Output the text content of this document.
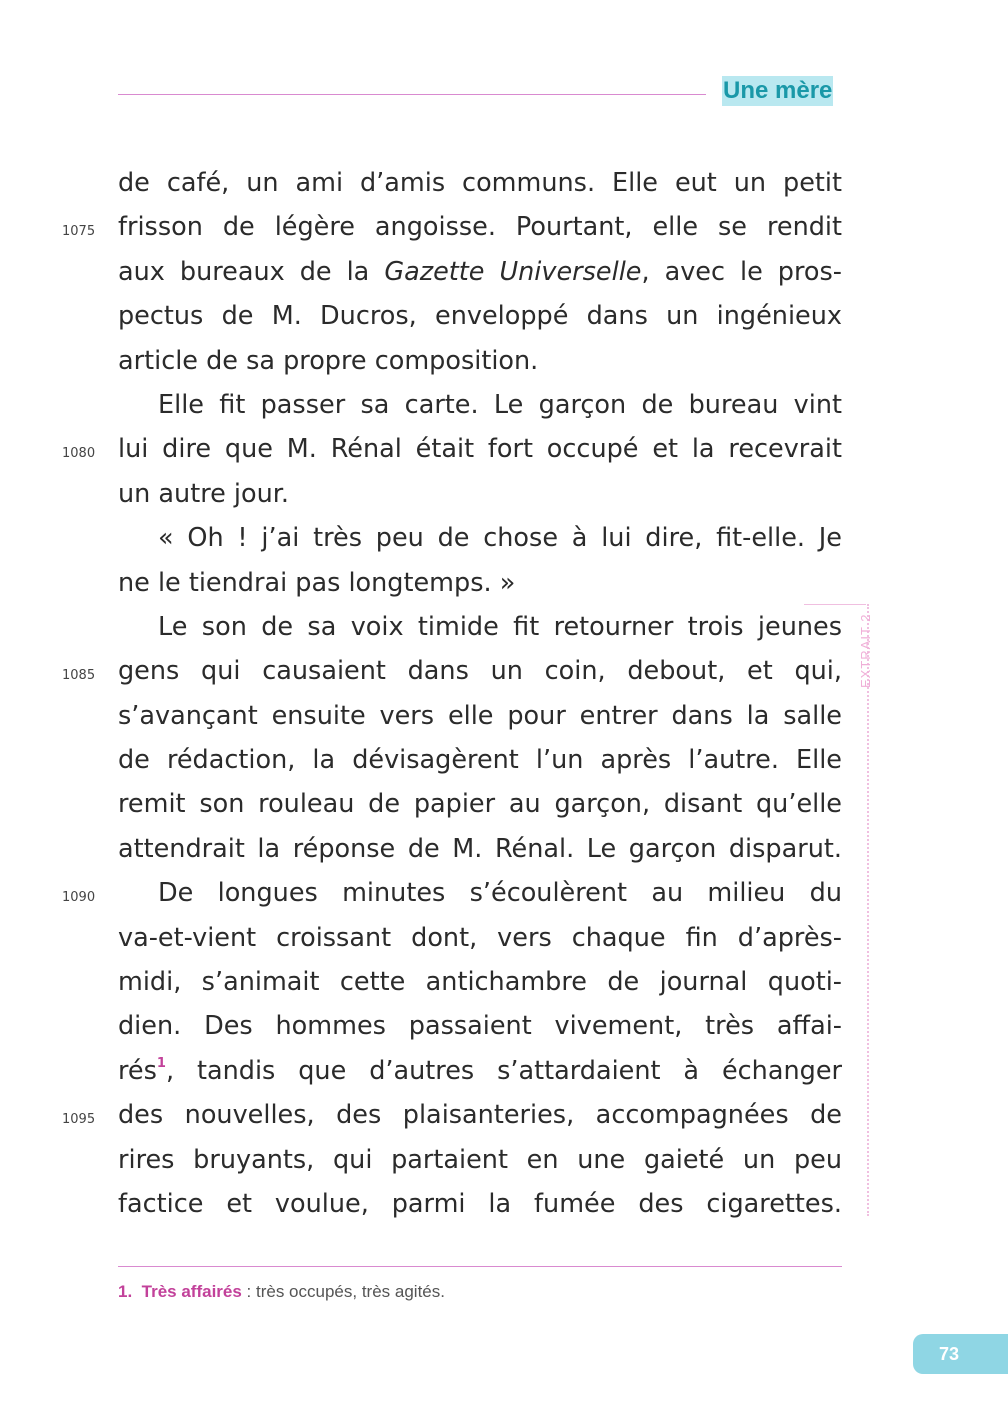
Une mère
de café, un ami d’amis communs. Elle eut un petit
frisson de légère angoisse. Pourtant, elle se rendit
aux bureaux de la Gazette Universelle, avec le pros-
pectus de M. Ducros, enveloppé dans un ingénieux
article de sa propre composition.
Elle fit passer sa carte. Le garçon de bureau vint
lui dire que M. Rénal était fort occupé et la recevrait
un autre jour.
« Oh ! j’ai très peu de chose à lui dire, fit-elle. Je
ne le tiendrai pas longtemps. »
Le son de sa voix timide fit retourner trois jeunes
gens qui causaient dans un coin, debout, et qui,
s’avançant ensuite vers elle pour entrer dans la salle
de rédaction, la dévisagèrent l’un après l’autre. Elle
remit son rouleau de papier au garçon, disant qu’elle
attendrait la réponse de M. Rénal. Le garçon disparut.
De longues minutes s’écoulèrent au milieu du
va-et-vient croissant dont, vers chaque fin d’après-
midi, s’animait cette antichambre de journal quoti-
dien. Des hommes passaient vivement, très affai-
rés$^1$, tandis que d’autres s’attardaient à échanger
des nouvelles, des plaisanteries, accompagnées de
rires bruyants, qui partaient en une gaieté un peu
factice et voulue, parmi la fumée des cigarettes.
1075
1080
1085
1090
1095
EXTRAIT 2
1. Très affairés : très occupés, très agités.
73
